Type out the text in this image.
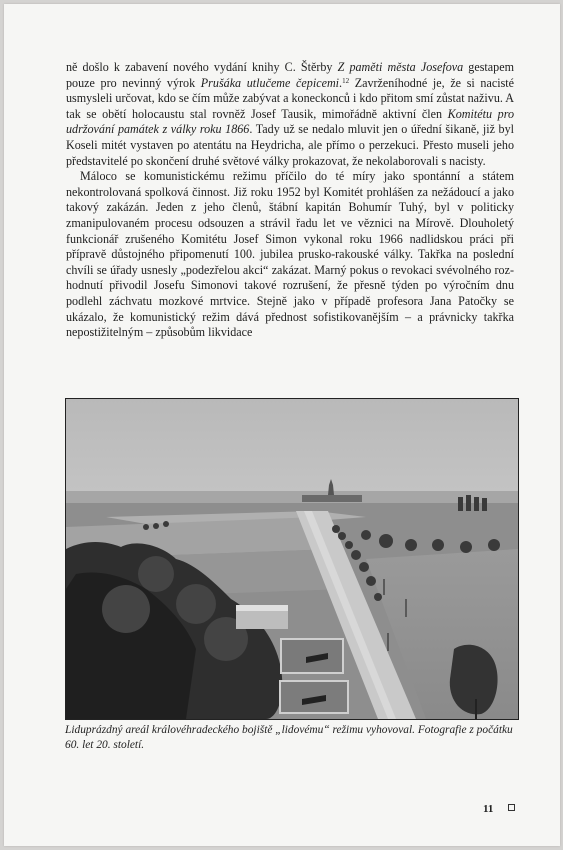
ně došlo k zabavení nového vydání knihy C. Štěrby Z paměti města Josefova gestapem pouze pro nevinný výrok Prušáka utlučeme čepicemi.$^{12}$ Zavrženíhodné je, že si nacisté usmysleli určovat, kdo se čím může zabývat a koneckonců i kdo přitom smí zůstat naživu. A tak se obětí holocaustu stal rovněž Josef Tausik, mimořádně aktivní člen Komitétu pro udržování památek z války roku 1866. Tady už se nedalo mluvit jen o úřední šikaně, již byl Koseli mitét vystaven po atentátu na Heydricha, ale přímo o perzekuci. Přesto museli jeho představitelé po skončení druhé světové války prokazovat, že nekolaborovali s nacisty.

Máloco se komunistickému režimu příčilo do té míry jako spontánní a státem nekontrolovaná spolková činnost. Již roku 1952 byl Komitét prohlášen za nežádoucí a jako takový zakázán. Jeden z jeho členů, štábní kapitán Bohumír Tuhý, byl v politicky zmanipulovaném procesu odsouzen a strávil řadu let ve věznici na Mírově. Dlouholetý funkcionář zrušeného Komitétu Josef Simon vykonal roku 1966 nadlidskou práci při přípravě důstojného připomenutí 100. jubilea prusko-rakouské války. Takřka na poslední chvíli se úřady usnesly „podezřelou akci“ zakázat. Marný pokus o revokaci svévolného rozhodnutí přivodil Josefu Simonovi takové rozrušení, že přesně týden po výročním dnu podlehl záchvatu mozkové mrtvice. Stejně jako v případě profesora Jana Patočky se ukázalo, že komunistický režim dává přednost sofistikovanějším – a právnicky takřka nepostižitelným – způsobům likvidace

Liduprázdný areál královéhradeckého bojiště „lidovému“ režimu vyhovoval. Fotografie z počátku 60. let 20. století.
11
